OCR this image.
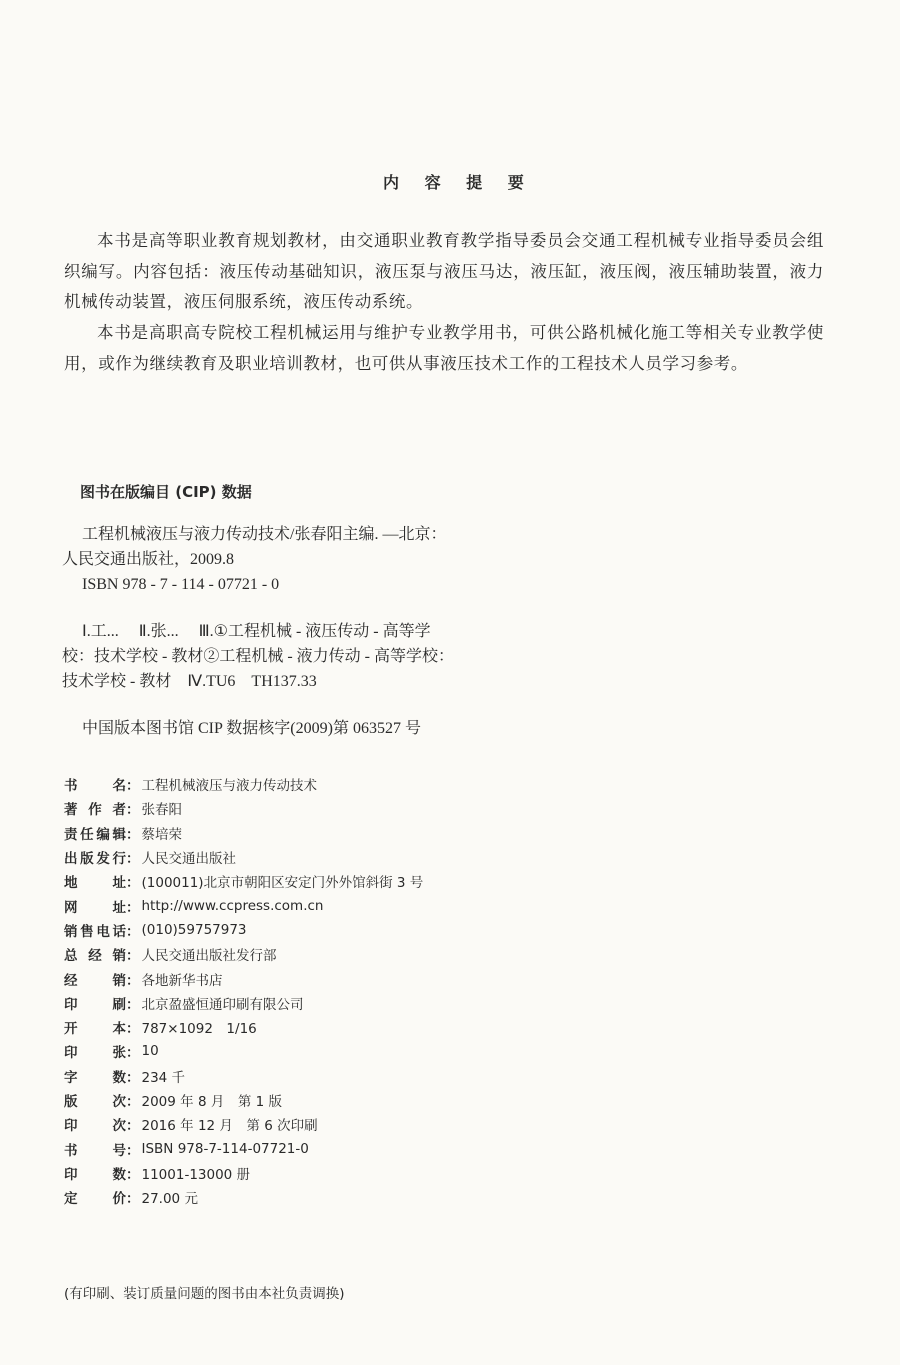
内 容 提 要

本书是高等职业教育规划教材，由交通职业教育教学指导委员会交通工程机械专业指导委员会组织编写。内容包括：液压传动基础知识，液压泵与液压马达，液压缸，液压阀，液压辅助装置，液力机械传动装置，液压伺服系统，液压传动系统。

本书是高职高专院校工程机械运用与维护专业教学用书，可供公路机械化施工等相关专业教学使用，或作为继续教育及职业培训教材，也可供从事液压技术工作的工程技术人员学习参考。

图书在版编目 (CIP) 数据
工程机械液压与液力传动技术/张春阳主编. —北京：
人民交通出版社，2009.8
ISBN 978 - 7 - 114 - 07721 - 0
Ⅰ.工...　 Ⅱ.张...　 Ⅲ.①工程机械 - 液压传动 - 高等学
校：技术学校 - 教材②工程机械 - 液力传动 - 高等学校：
技术学校 - 教材　Ⅳ.TU6　TH137.33
中国版本图书馆 CIP 数据核字(2009)第 063527 号
书　　名 ： 工程机械液压与液力传动技术
著 作 者 ： 张春阳
责任编辑 ： 蔡培荣
出版发行 ： 人民交通出版社
地　　址 ： (100011)北京市朝阳区安定门外外馆斜街 3 号
网　　址 ： http://www.ccpress.com.cn
销售电话 ： (010)59757973
总 经 销 ： 人民交通出版社发行部
经　　销 ： 各地新华书店
印　　刷 ： 北京盈盛恒通印刷有限公司
开　　本 ： 787×1092　1/16
印　　张 ： 10
字　　数 ： 234 千
版　　次 ： 2009 年 8 月　第 1 版
印　　次 ： 2016 年 12 月　第 6 次印刷
书　　号 ： ISBN 978-7-114-07721-0
印　　数 ： 11001-13000 册
定　　价 ： 27.00 元
(有印刷、装订质量问题的图书由本社负责调换)
